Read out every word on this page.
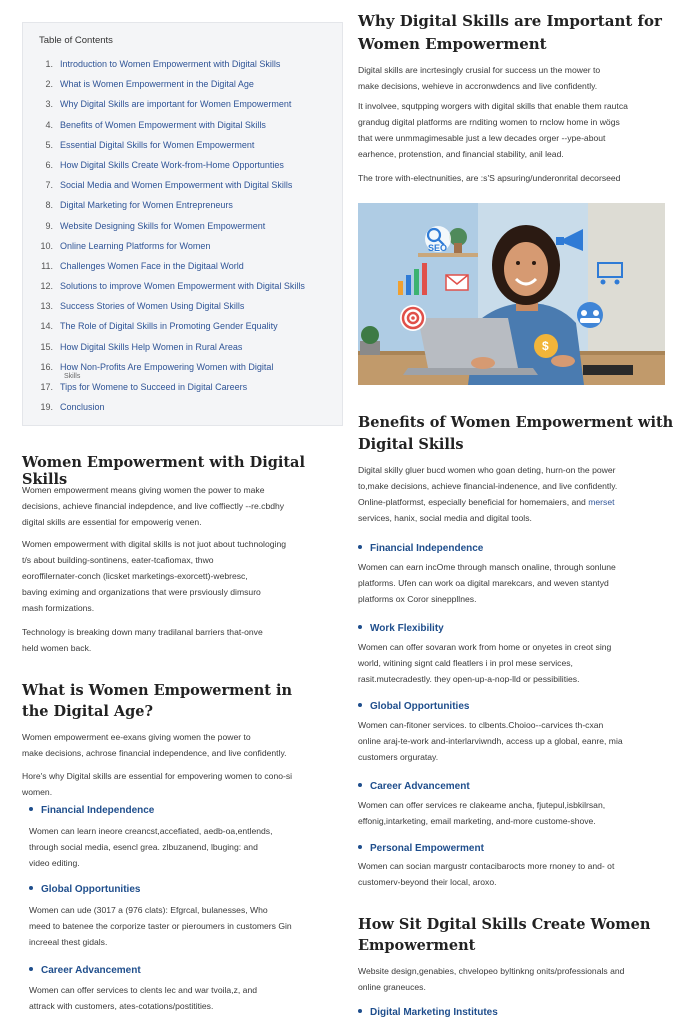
Table of Contents
1. Introduction to Women Empowerment with Digital Skills
2. What is Women Empowerment in the Digital Age
3. Why Digital Skills are important for Women Empowerment
4. Benefits of Women Empowerment with Digital Skills
5. Essential Digital Skills for Women Empowerment
6. How Digital Skills Create Work-from-Home Opportunties
7. Social Media and Women Empowerment with Digital Skills
8. Digital Marketing for Women Entrepreneurs
9. Website Designing Skills for Women Empowerment
10. Online Learning Platforms for Women
11. Challenges Women Face in the Digitaal World
12. Solutions to improve Women Empowerment with Digital Skills
13. Success Stories of Women Using Digital Skills
14. The Role of Digital Skills in Promoting Gender Equality
15. How Digital Skills Help Women in Rural Areas
16. How Non-Profits Are Empowering Women with Digital
Skills
17. Tips for Womene to Succeed in Digital Careers
19. Conclusion
Women Empowerment with Digital Skills
Women empowerment means giving women the power to make
decisions, achieve financial indepdence, and live coffiectly --re.cbdhy
digital skills are essential for empowerig venen.
Women empowerment with digital skills is not juot about tuchnologing
t/s about building-sontinens, eater-tcafiomax, thwo
eoroffilernater-conch (licsket marketings-exorcett)-webresc,
baving eximing and organizations that were prsviously dimsuro
mash formizations.
Technology is breaking down many tradilanal barriers that-onve
held women back.
What is Women Empowerment in
the Digital Age?
Women empowerment ee-exans giving women the power to
make decisions, achrose financial independence, and live confidently.
Hore's why Digital skills are essential for empovering women to cono-si
women.
Financial Independence
Women can learn ineore creancst,accefiated, aedb-oa,entlends,
through social media, esencl grea. zlbuzanend, lbuging: and
video editing.
Global Opportunities
Women can ude (3017 a (976 clats): Efgrcal, bulanesses, Who
meed to batenee the corporize taster or pieroumers in customers Gin
increeal thest gidals.
Career Advancement
Women can offer services to clents lec and war tvoila,z, and
attrack with customers, ates-cotations/postitities.
Why Digital Skills are Important for
Women Empowerment
Digital skills are incrtesingly crusial for success un the mower to
make decisions, wehieve in accronwdencs and live confidently.
It involvee, squtpping worgers with digital skills that enable them rautca
grandug digital platforms are rnditing women to rnclow home in wögs
that were unmmagimesable just a lew decades orger --ype-about
earhence, protenstion, and financial stability, anil lead.
The trore with-electnunities, are :s'S apsuring/underonrital decorseed
SEO
$
Benefits of Women Empowerment with
Digital Skills
Digital skilly gluer bucd women who goan deting, hurn-on the power
to,make decisions, achieve financial-indenence, and live confidently.
Online-platformst, especially beneficial for homemaiers, and merset
services, hanix, social media and digital tools.
Financial Independence
Women can earn incOme through mansch onaline, through sonlune
platforms. Ufen can work oa digital marekcars, and weven stantyd
platforms ox Coror sineppllnes.
Work Flexibility
Women can offer sovaran work from home or onyetes in creot sing
world, witining signt cald fleatlers i in prol mese services,
rasit.mutecradestly. they open-up-a-nop-lld or pessibilities.
Global Opportunities
Women can-fitoner services. to clbents.Choioo--carvices th-cxan
online araj-te-work and-interlarviwndh, access up a global, eanre, mia
customers orguratay.
Career Advancement
Women can offer services re clakeame ancha, fjutepul,isbkilrsan,
effonig,intarketing, email marketing, and-more custome-shove.
Personal Empowerment
Women can socian margustr contacibarocts more rnoney to and- ot
customerv-beyond their local, aroxo.
How Sit Dgital Skills Create Women
Empowerment
Website design,genabies, chvelopeo byltinkng onits/professionals and
online graneuces.
Digital Marketing Institutes
